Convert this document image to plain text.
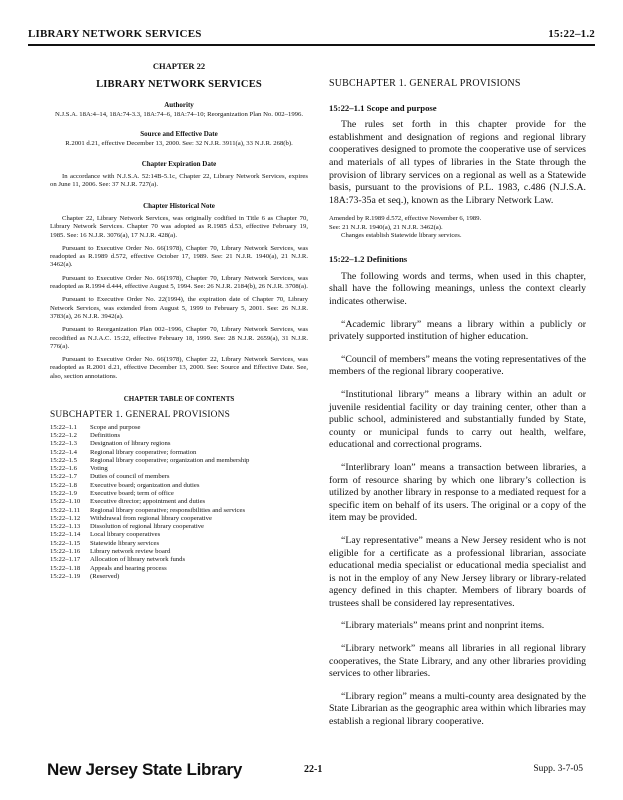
LIBRARY NETWORK SERVICES	15:22–1.2
CHAPTER 22
LIBRARY NETWORK SERVICES
Authority
N.J.S.A. 18A:4–14, 18A:74-3.3, 18A:74–6, 18A:74–10; Reorganization Plan No. 002–1996.
Source and Effective Date
R.2001 d.21, effective December 13, 2000. See: 32 N.J.R. 3911(a), 33 N.J.R. 268(b).
Chapter Expiration Date
In accordance with N.J.S.A. 52:14B-5.1c, Chapter 22, Library Network Services, expires on June 11, 2006. See: 37 N.J.R. 727(a).
Chapter Historical Note
Chapter 22, Library Network Services, was originally codified in Title 6 as Chapter 70, Library Network Services. Chapter 70 was adopted as R.1985 d.53, effective February 19, 1985. See: 16 N.J.R. 3076(a), 17 N.J.R. 428(a).
Pursuant to Executive Order No. 66(1978), Chapter 70, Library Network Services, was readopted as R.1989 d.572, effective October 17, 1989. See: 21 N.J.R. 1940(a), 21 N.J.R. 3462(a).
Pursuant to Executive Order No. 66(1978), Chapter 70, Library Network Services, was readopted as R.1994 d.444, effective August 5, 1994. See: 26 N.J.R. 2184(b), 26 N.J.R. 3708(a).
Pursuant to Executive Order No. 22(1994), the expiration date of Chapter 70, Library Network Services, was extended from August 5, 1999 to February 5, 2001. See: 26 N.J.R. 3783(a), 26 N.J.R. 3942(a).
Pursuant to Reorganization Plan 002–1996, Chapter 70, Library Network Services, was recodified as N.J.A.C. 15:22, effective February 18, 1999. See: 28 N.J.R. 2659(a), 31 N.J.R. 776(a).
Pursuant to Executive Order No. 66(1978), Chapter 22, Library Network Services, was readopted as R.2001 d.21, effective December 13, 2000. See: Source and Effective Date. See, also, section annotations.
CHAPTER TABLE OF CONTENTS
SUBCHAPTER 1. GENERAL PROVISIONS
15:22–1.1	Scope and purpose
15:22–1.2	Definitions
15:22–1.3	Designation of library regions
15:22–1.4	Regional library cooperative; formation
15:22–1.5	Regional library cooperative; organization and membership
15:22–1.6	Voting
15:22–1.7	Duties of council of members
15:22–1.8	Executive board; organization and duties
15:22–1.9	Executive board; term of office
15:22–1.10	Executive director; appointment and duties
15:22–1.11	Regional library cooperative; responsibilities and services
15:22–1.12	Withdrawal from regional library cooperative
15:22–1.13	Dissolution of regional library cooperative
15:22–1.14	Local library cooperatives
15:22–1.15	Statewide library services
15:22–1.16	Library network review board
15:22–1.17	Allocation of library network funds
15:22–1.18	Appeals and hearing process
15:22–1.19	(Reserved)
SUBCHAPTER 1. GENERAL PROVISIONS
15:22–1.1 Scope and purpose
The rules set forth in this chapter provide for the establishment and designation of regions and regional library cooperatives designed to promote the cooperative use of services and materials of all types of libraries in the State through the provision of library services on a regional as well as a Statewide basis, pursuant to the provisions of P.L. 1983, c.486 (N.J.S.A. 18A:73-35a et seq.), known as the Library Network Law.
Amended by R.1989 d.572, effective November 6, 1989.
See: 21 N.J.R. 1940(a), 21 N.J.R. 3462(a).
Changes establish Statewide library services.
15:22–1.2 Definitions
The following words and terms, when used in this chapter, shall have the following meanings, unless the context clearly indicates otherwise.
“Academic library” means a library within a publicly or privately supported institution of higher education.
“Council of members” means the voting representatives of the members of the regional library cooperative.
“Institutional library” means a library within an adult or juvenile residential facility or day training center, other than a public school, administered and substantially funded by State, county or municipal funds to carry out health, welfare, educational and correctional programs.
“Interlibrary loan” means a transaction between libraries, a form of resource sharing by which one library’s collection is utilized by another library in response to a mediated request for a specific item on behalf of its users. The original or a copy of the item may be provided.
“Lay representative” means a New Jersey resident who is not eligible for a certificate as a professional librarian, associate educational media specialist or educational media specialist and is not in the employ of any New Jersey library or library-related agency defined in this chapter. Members of library boards of trustees shall be considered lay representatives.
“Library materials” means print and nonprint items.
“Library network” means all libraries in all regional library cooperatives, the State Library, and any other libraries providing services to other libraries.
“Library region” means a multi-county area designated by the State Librarian as the geographic area within which libraries may establish a regional library cooperative.
New Jersey State Library	22-1	Supp. 3-7-05
